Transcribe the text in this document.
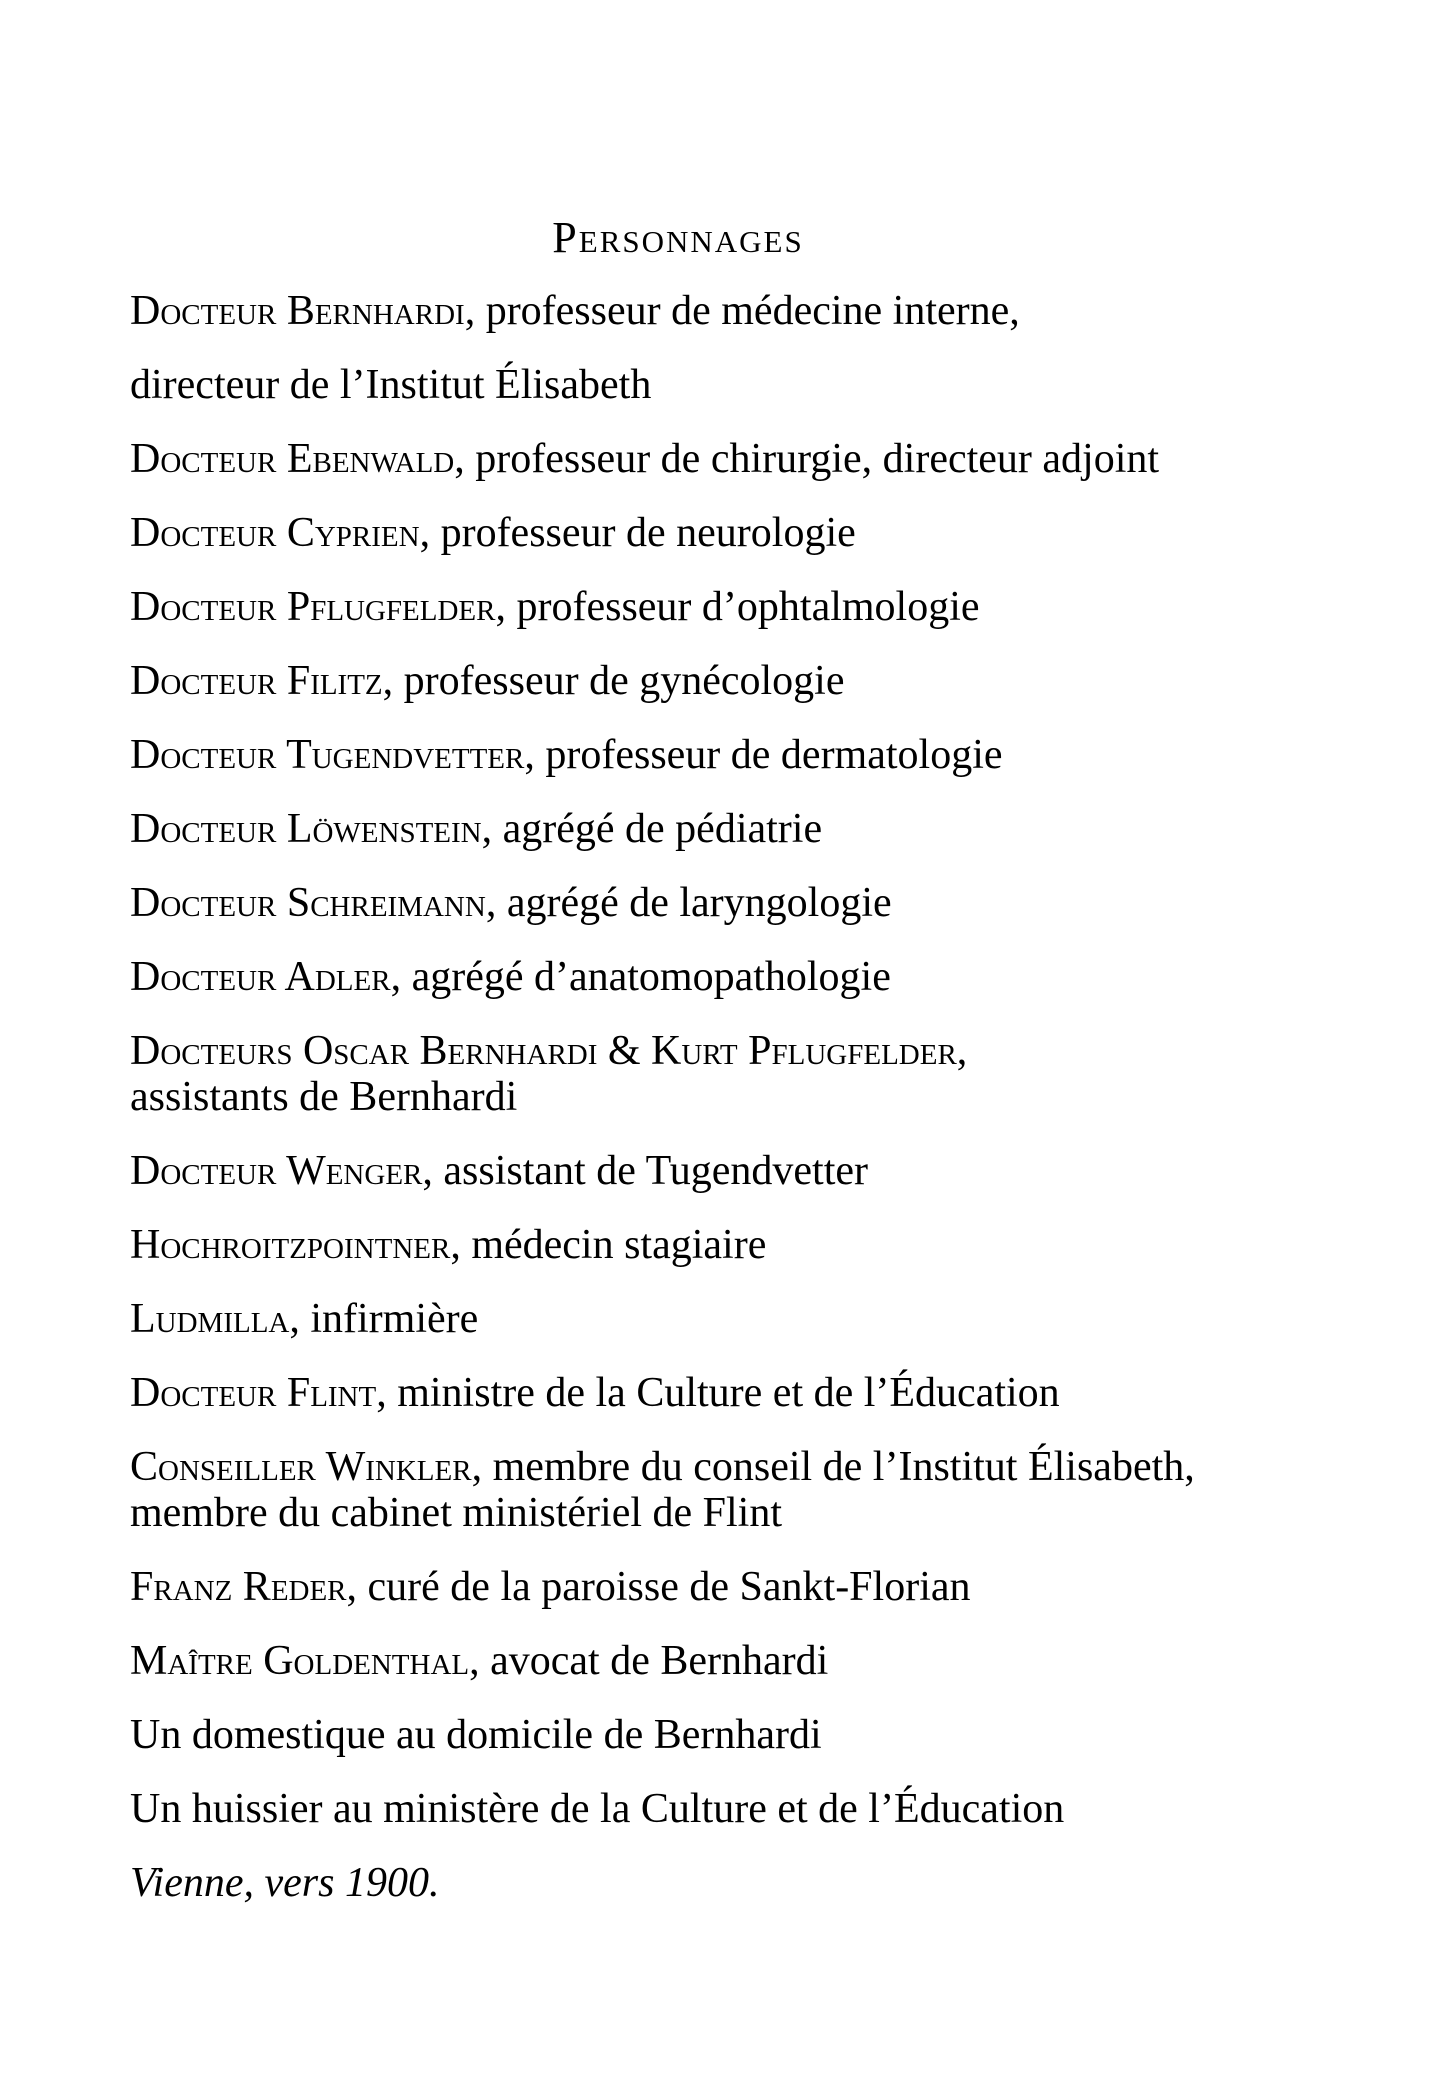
Personnages

Docteur Bernhardi, professeur de médecine interne,

directeur de l’Institut Élisabeth

Docteur Ebenwald, professeur de chirurgie, directeur adjoint

Docteur Cyprien, professeur de neurologie

Docteur Pflugfelder, professeur d’ophtalmologie

Docteur Filitz, professeur de gynécologie

Docteur Tugendvetter, professeur de dermatologie

Docteur Löwenstein, agrégé de pédiatrie

Docteur Schreimann, agrégé de laryngologie

Docteur Adler, agrégé d’anatomopathologie

Docteurs Oscar Bernhardi & Kurt Pflugfelder,
assistants de Bernhardi

Docteur Wenger, assistant de Tugendvetter

Hochroitzpointner, médecin stagiaire

Ludmilla, infirmière

Docteur Flint, ministre de la Culture et de l’Éducation

Conseiller Winkler, membre du conseil de l’Institut Élisabeth,
membre du cabinet ministériel de Flint

Franz Reder, curé de la paroisse de Sankt-Florian

Maître Goldenthal, avocat de Bernhardi

Un domestique au domicile de Bernhardi

Un huissier au ministère de la Culture et de l’Éducation

Vienne, vers 1900.
